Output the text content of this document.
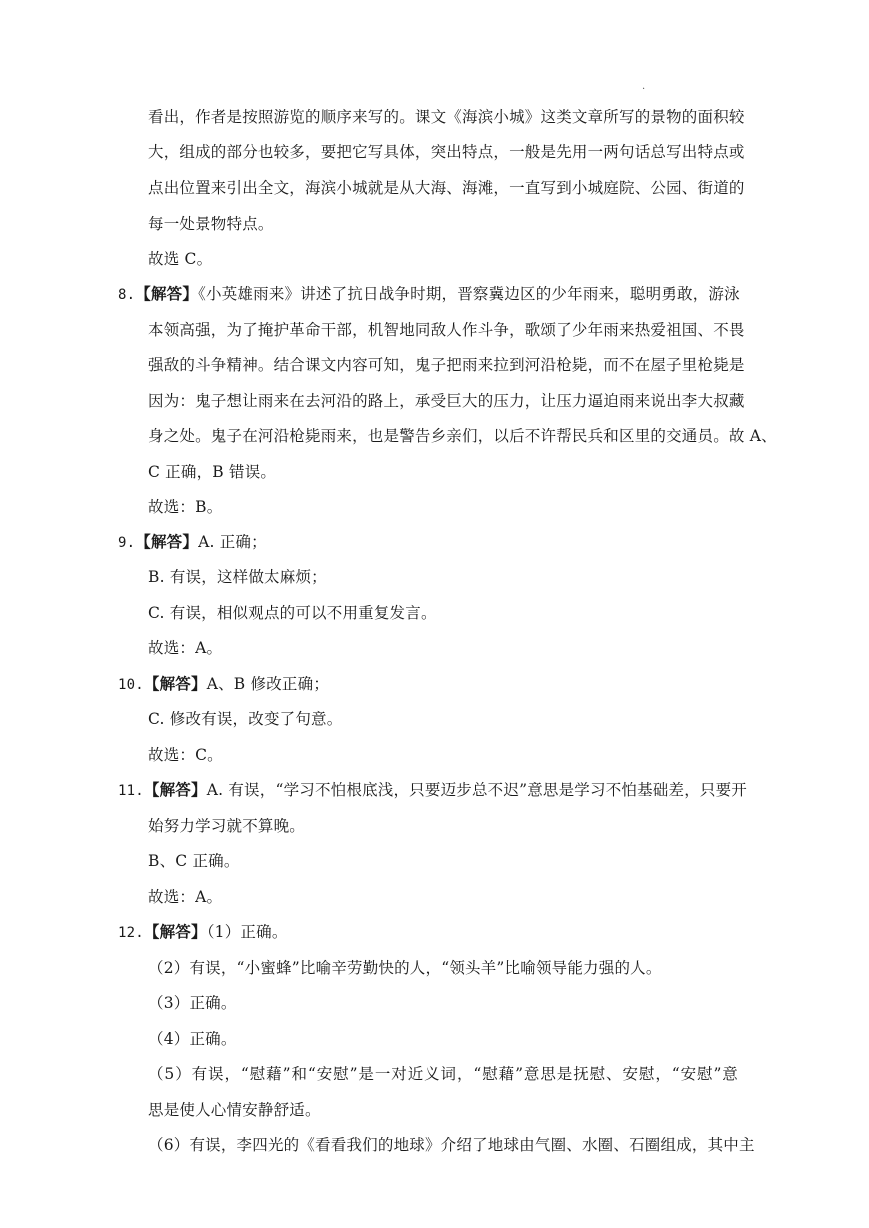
.
看出，作者是按照游览的顺序来写的。课文《海滨小城》这类文章所写的景物的面积较
大，组成的部分也较多，要把它写具体，突出特点，一般是先用一两句话总写出特点或
点出位置来引出全文，海滨小城就是从大海、海滩，一直写到小城庭院、公园、街道的
每一处景物特点。
故选 C。
8.【解答】《小英雄雨来》讲述了抗日战争时期，晋察冀边区的少年雨来，聪明勇敢，游泳
本领高强，为了掩护革命干部，机智地同敌人作斗争，歌颂了少年雨来热爱祖国、不畏
强敌的斗争精神。结合课文内容可知，鬼子把雨来拉到河沿枪毙，而不在屋子里枪毙是
因为：鬼子想让雨来在去河沿的路上，承受巨大的压力，让压力逼迫雨来说出李大叔藏
身之处。鬼子在河沿枪毙雨来，也是警告乡亲们，以后不许帮民兵和区里的交通员。故 A、
C 正确，B 错误。
故选：B。
9.【解答】A. 正确；
B. 有误，这样做太麻烦；
C. 有误，相似观点的可以不用重复发言。
故选：A。
10.【解答】A、B 修改正确；
C. 修改有误，改变了句意。
故选：C。
11.【解答】A. 有误，“学习不怕根底浅，只要迈步总不迟”意思是学习不怕基础差，只要开
始努力学习就不算晚。
B、C 正确。
故选：A。
12.【解答】（1）正确。
（2）有误，“小蜜蜂”比喻辛劳勤快的人，“领头羊”比喻领导能力强的人。
（3）正确。
（4）正确。
（5）有误，“慰藉”和“安慰”是一对近义词，“慰藉”意思是抚慰、安慰，“安慰”意
思是使人心情安静舒适。
（6）有误，李四光的《看看我们的地球》介绍了地球由气圈、水圈、石圈组成，其中主
